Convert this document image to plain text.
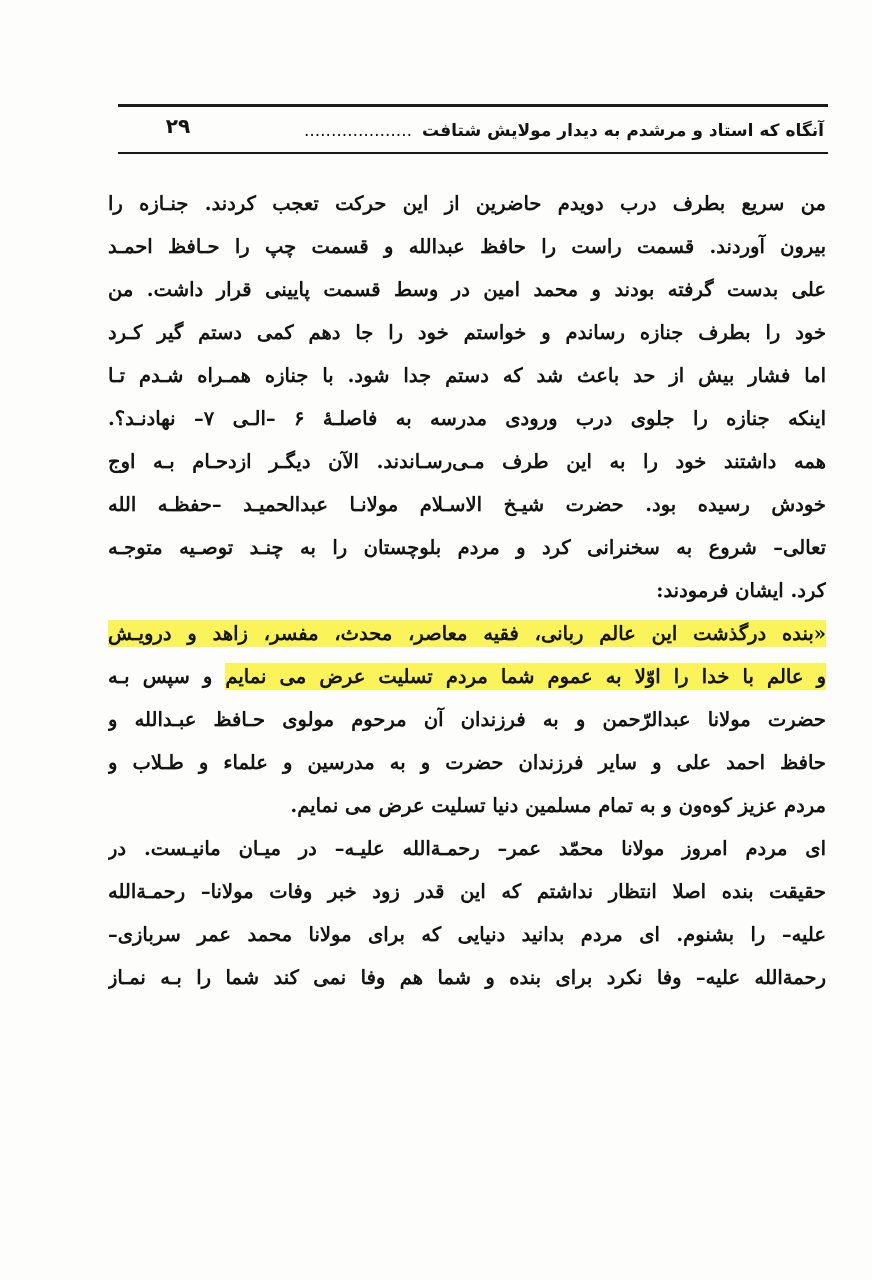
۲۹	آنگاه که استاد و مرشدم به دیدار مولایش شتافت....................
من سریع بطرف درب دویدم حاضرین از این حرکت تعجب کردند. جنـازه را
بیرون آوردند. قسمت راست را حافظ عبدالله و قسمت چپ را حـافظ احمـد
علی بدست گرفته بودند و محمد امین در وسط قسمت پایینی قرار داشت. من
خود را بطرف جنازه رساندم و خواستم خود را جا دهم کمی دستم گیر کـرد
اما فشار بیش از حد باعث شد که دستم جدا شود. با جنازه همـراه شـدم تـا
اینکه جنازه را جلوی درب ورودی مدرسه به فاصلـۀ ۶ –الـی ۷– نهادنـد؟.
همه داشتند خود را به این طرف مـی‌رسـاندند. الآن دیگـر ازدحـام بـه اوج
خودش رسیده بود. حضرت شیـخ الاسـلام مولانـا عبدالحمیـد –حفظـه الله
تعالی– شروع به سخنرانی کرد و مردم بلوچستان را به چنـد توصـیه متوجـه
کرد. ایشان فرمودند:
«بنده درگذشت این عالم ربانی، فقیه معاصر، محدث، مفسر، زاهد و درویـش
و عالم با خدا را اوّلا به عموم شما مردم تسلیت عرض می نمایم و سپس بـه
حضرت مولانا عبدالرّحمن و به فرزندان آن مرحوم مولوی حـافظ عبـدالله و
حافظ احمد علی و سایر فرزندان حضرت و به مدرسین و علماء و طـلاب و
مردم عزیز کوه‌ون و به تمام مسلمین دنیا تسلیت عرض می نمایم.
ای مردم امروز مولانا محمّد عمر– رحمـةالله علیـه– در میـان مانیـست. در
حقیقت بنده اصلا انتظار نداشتم که این قدر زود خبر وفات مولانا– رحمـةالله
علیه– را بشنوم. ای مردم بدانید دنیایی که برای مولانا محمد عمر سربازی–
رحمةالله علیه– وفا نکرد برای بنده و شما هم وفا نمی کند شما را بـه نمـاز
